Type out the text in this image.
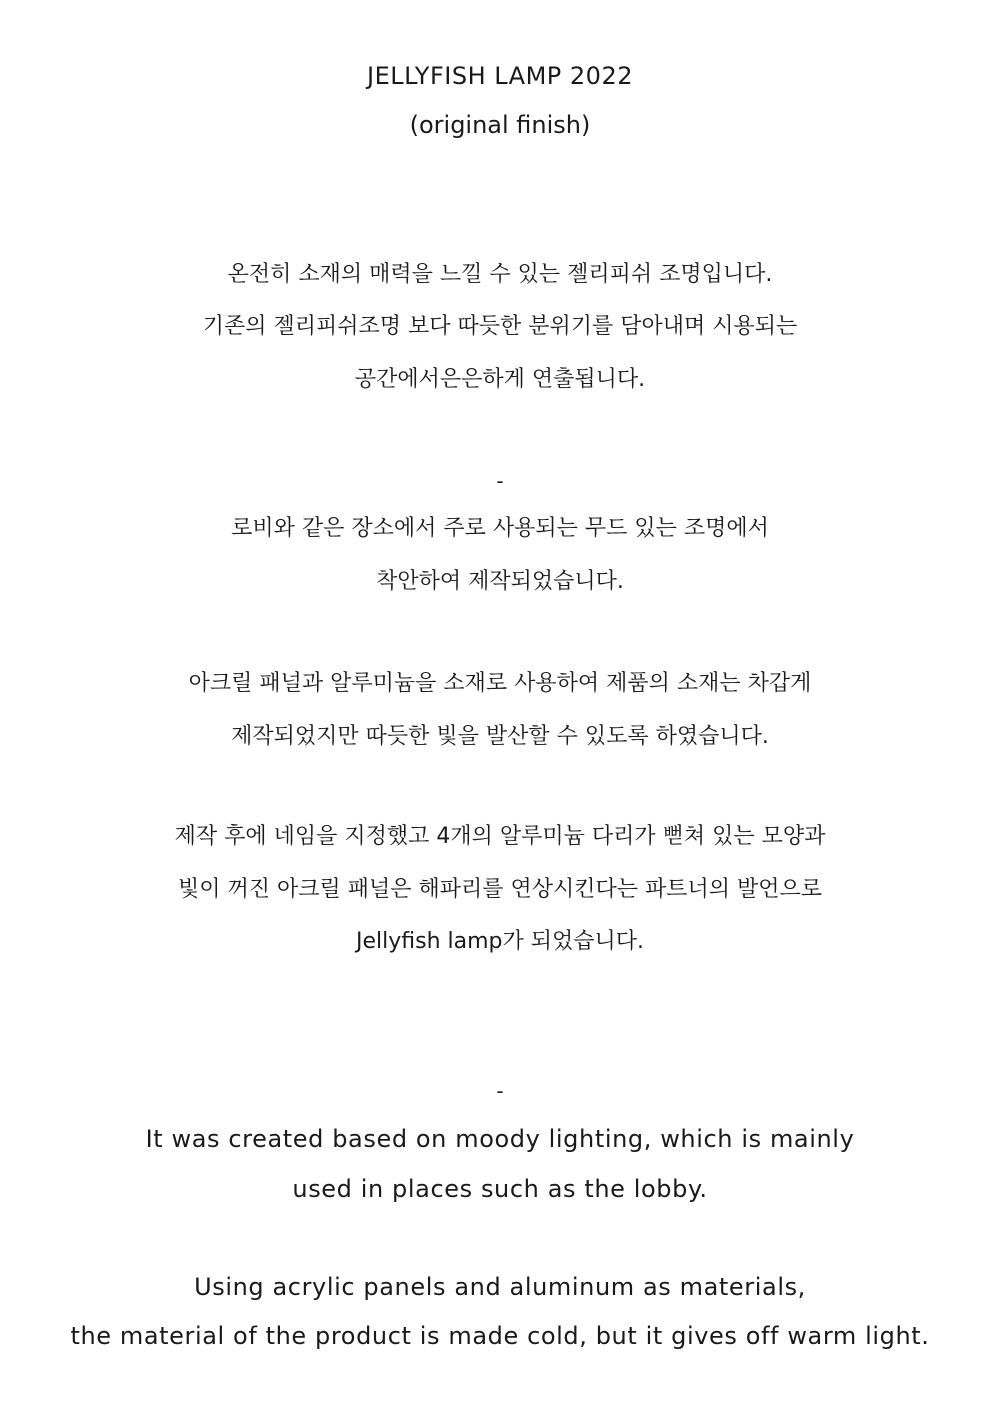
JELLYFISH LAMP 2022
(original finish)
온전히 소재의 매력을 느낄 수 있는 젤리피쉬 조명입니다.
기존의 젤리피쉬조명 보다 따듯한 분위기를 담아내며 시용되는
공간에서은은하게 연출됩니다.
-
로비와 같은 장소에서 주로 사용되는 무드 있는 조명에서
착안하여 제작되었습니다.
아크릴 패널과 알루미늄을 소재로 사용하여 제품의 소재는 차갑게
제작되었지만 따듯한 빛을 발산할 수 있도록 하였습니다.
제작 후에 네임을 지정했고 4개의 알루미늄 다리가 뻗쳐 있는 모양과
빛이 꺼진 아크릴 패널은 해파리를 연상시킨다는 파트너의 발언으로
Jellyfish lamp가 되었습니다.
-
It was created based on moody lighting, which is mainly
used in places such as the lobby.
Using acrylic panels and aluminum as materials,
the material of the product is made cold, but it gives off warm light.
